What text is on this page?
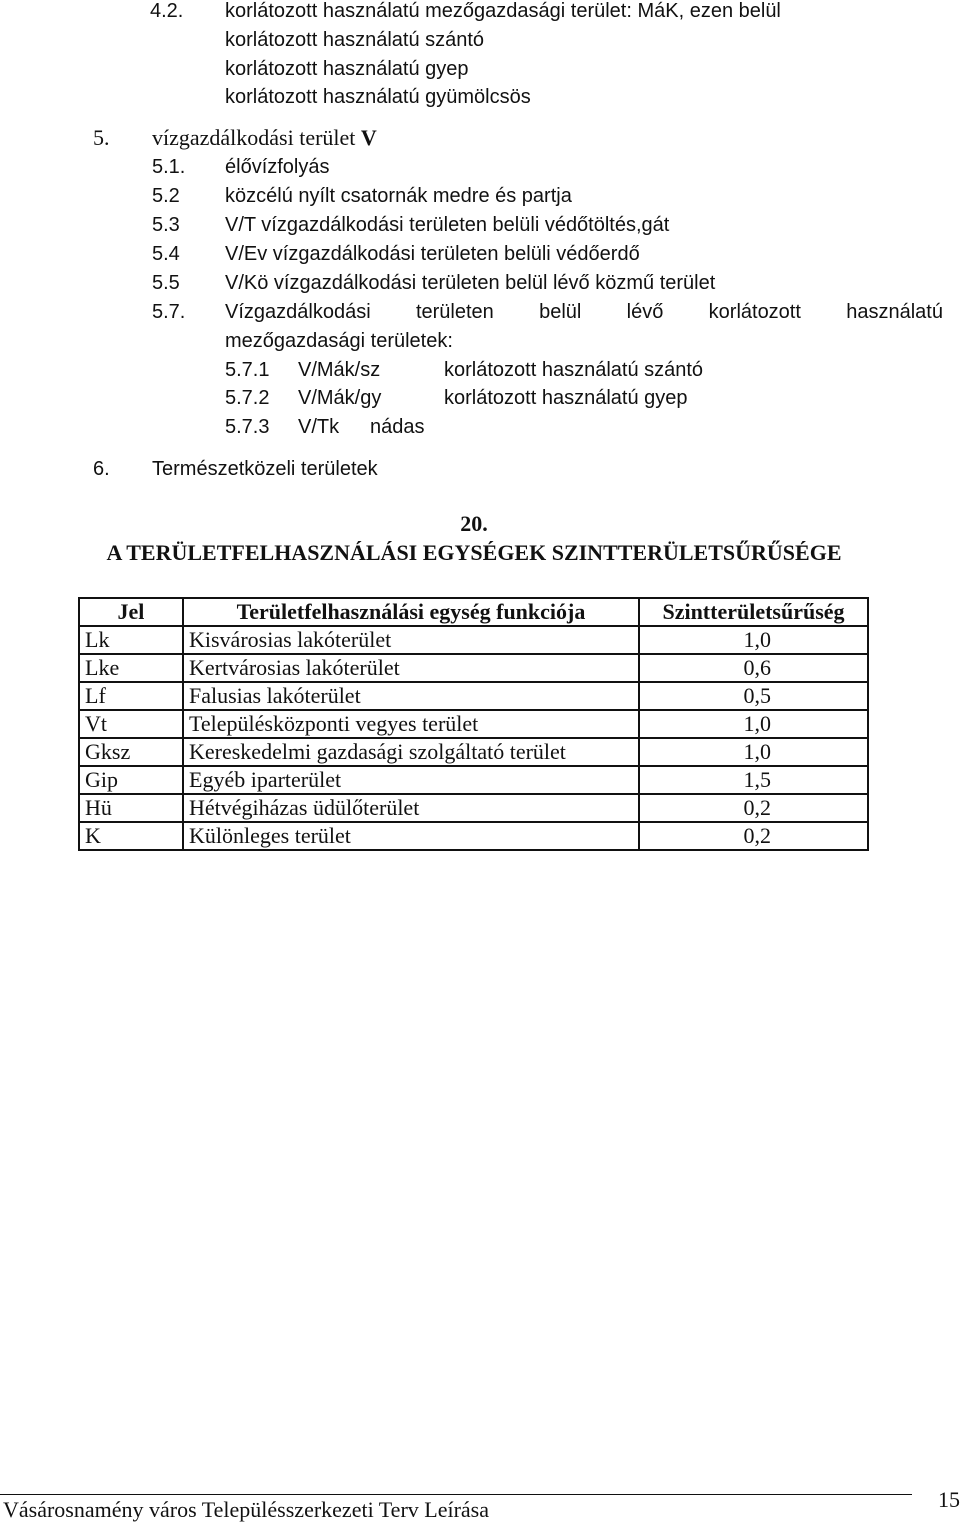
4.2. korlátozott használatú mezőgazdasági terület: MáK, ezen belül
korlátozott használatú szántó
korlátozott használatú gyep
korlátozott használatú gyümölcsös
5. vízgazdálkodási terület V
5.1. élővízfolyás
5.2 közcélú nyílt csatornák medre és partja
5.3 V/T vízgazdálkodási területen belüli védőtöltés,gát
5.4 V/Ev vízgazdálkodási területen belüli védőerdő
5.5 V/Kö vízgazdálkodási területen belül lévő közmű terület
5.7. Vízgazdálkodási területen belül lévő korlátozott használatú
mezőgazdasági területek:
5.7.1 V/Mák/sz	korlátozott használatú szántó
5.7.2 V/Mák/gy	korlátozott használatú gyep
5.7.3 V/Tk nádas
6. Természetközeli területek
20.
A TERÜLETFELHASZNÁLÁSI EGYSÉGEK SZINTTERÜLETSŰRŰSÉGE
Jel	Területfelhasználási egység funkciója	Szintterületsűrűség
Lk	Kisvárosias lakóterület	1,0
Lke	Kertvárosias lakóterület	0,6
Lf	Falusias lakóterület	0,5
Vt	Településközponti vegyes terület	1,0
Gksz	Kereskedelmi gazdasági szolgáltató terület	1,0
Gip	Egyéb iparterület	1,5
Hü	Hétvégiházas üdülőterület	0,2
K	Különleges terület	0,2
15
Vásárosnamény város Településszerkezeti Terv Leírása
